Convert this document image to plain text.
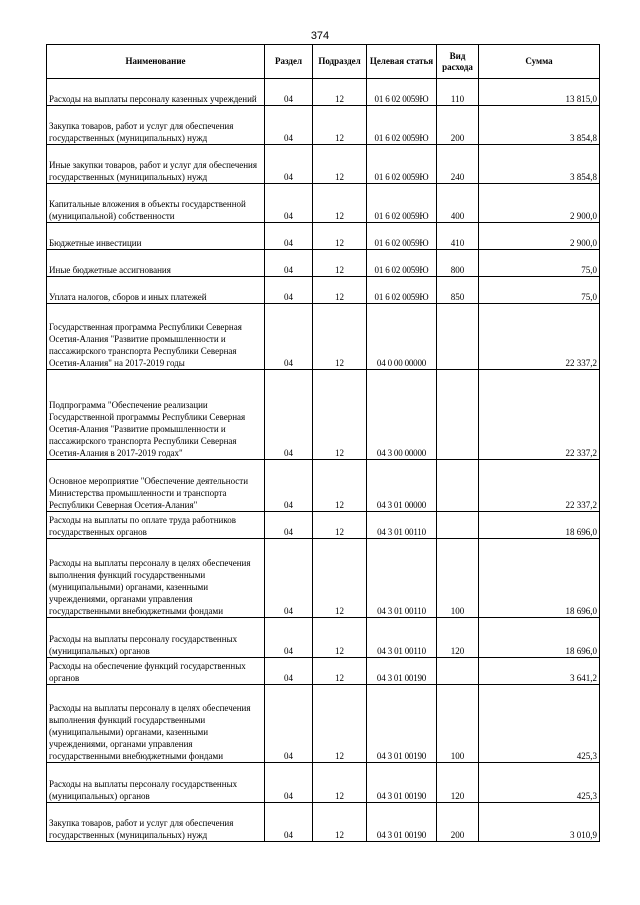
374
Наименование	Раздел	Подраздел	Целевая статья	Вид расхода	Сумма
Расходы на выплаты персоналу казенных учреждений	04	12	01 6 02 0059Ю	110	13 815,0
Закупка товаров, работ и услуг для обеспечения государственных (муниципальных) нужд	04	12	01 6 02 0059Ю	200	3 854,8
Иные закупки товаров, работ и услуг для обеспечения государственных (муниципальных) нужд	04	12	01 6 02 0059Ю	240	3 854,8
Капитальные вложения в объекты государственной (муниципальной) собственности	04	12	01 6 02 0059Ю	400	2 900,0
Бюджетные инвестиции	04	12	01 6 02 0059Ю	410	2 900,0
Иные бюджетные ассигнования	04	12	01 6 02 0059Ю	800	75,0
Уплата налогов, сборов и иных платежей	04	12	01 6 02 0059Ю	850	75,0
Государственная программа Республики Северная Осетия-Алания "Развитие промышленности и пассажирского транспорта Республики Северная Осетия-Алания" на 2017-2019 годы	04	12	04 0 00 00000		22 337,2
Подпрограмма "Обеспечение реализации Государственной программы Республики Северная Осетия-Алания "Развитие промышленности и пассажирского транспорта Республики Северная Осетия-Алания в 2017-2019 годах"	04	12	04 3 00 00000		22 337,2
Основное мероприятие "Обеспечение деятельности Министерства промышленности и транспорта Республики Северная Осетия-Алания"	04	12	04 3 01 00000		22 337,2
Расходы на выплаты по оплате труда работников государственных органов	04	12	04 3 01 00110		18 696,0
Расходы на выплаты персоналу в целях обеспечения выполнения функций государственными (муниципальными) органами, казенными учреждениями, органами управления государственными внебюджетными фондами	04	12	04 3 01 00110	100	18 696,0
Расходы на выплаты персоналу государственных (муниципальных) органов	04	12	04 3 01 00110	120	18 696,0
Расходы на обеспечение функций государственных органов	04	12	04 3 01 00190		3 641,2
Расходы на выплаты персоналу в целях обеспечения выполнения функций государственными (муниципальными) органами, казенными учреждениями, органами управления государственными внебюджетными фондами	04	12	04 3 01 00190	100	425,3
Расходы на выплаты персоналу государственных (муниципальных) органов	04	12	04 3 01 00190	120	425,3
Закупка товаров, работ и услуг для обеспечения государственных (муниципальных) нужд	04	12	04 3 01 00190	200	3 010,9
